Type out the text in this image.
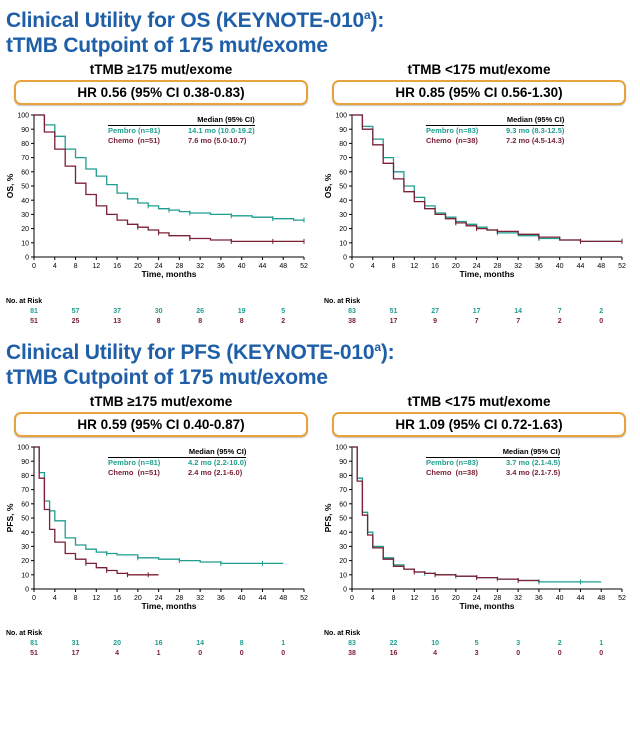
Clinical Utility for OS (KEYNOTE-010$^a$):
tTMB Cutpoint of 175 mut/exome
tTMB ≥175 mut/exome
HR 0.56 (95% CI 0.38-0.83)
0
10
20
30
40
50
60
70
80
90
100
0 4 8 12 16 20 24 28 32 36 40 44 48 52
OS, %
Time, months
Median (95% CI)
Pembro (n=81)	14.1 mo (10.0-19.2)
Chemo  (n=51)	7.6 mo (5.0-10.7)
No. at Risk
81	57	37	30	26	19	5
51	25	13	8	8	8	2
tTMB <175 mut/exome
HR 0.85 (95% CI 0.56-1.30)
0
10
20
30
40
50
60
70
80
90
100
0 4 8 12 16 20 24 28 32 36 40 44 48 52
OS, %
Time, months
Median (95% CI)
Pembro (n=83)	9.3 mo (8.3-12.5)
Chemo  (n=38)	7.2 mo (4.5-14.3)
No. at Risk
83	51	27	17	14	7	2
38	17	9	7	7	2	0
Clinical Utility for PFS (KEYNOTE-010$^a$):
tTMB Cutpoint of 175 mut/exome
tTMB ≥175 mut/exome
HR 0.59 (95% CI 0.40-0.87)
0
10
20
30
40
50
60
70
80
90
100
0 4 8 12 16 20 24 28 32 36 40 44 48 52
PFS, %
Time, months
Median (95% CI)
Pembro (n=81)	4.2 mo (2.2-10.0)
Chemo  (n=51)	2.4 mo (2.1-6.0)
No. at Risk
81	31	20	16	14	8	1
51	17	4	1	0	0	0
tTMB <175 mut/exome
HR 1.09 (95% CI 0.72-1.63)
0
10
20
30
40
50
60
70
80
90
100
0 4 8 12 16 20 24 28 32 36 40 44 48 52
PFS, %
Time, months
Median (95% CI)
Pembro (n=83)	3.7 mo (2.1-4.5)
Chemo  (n=38)	3.4 mo (2.1-7.5)
No. at Risk
83	22	10	5	3	2	1
38	16	4	3	0	0	0
